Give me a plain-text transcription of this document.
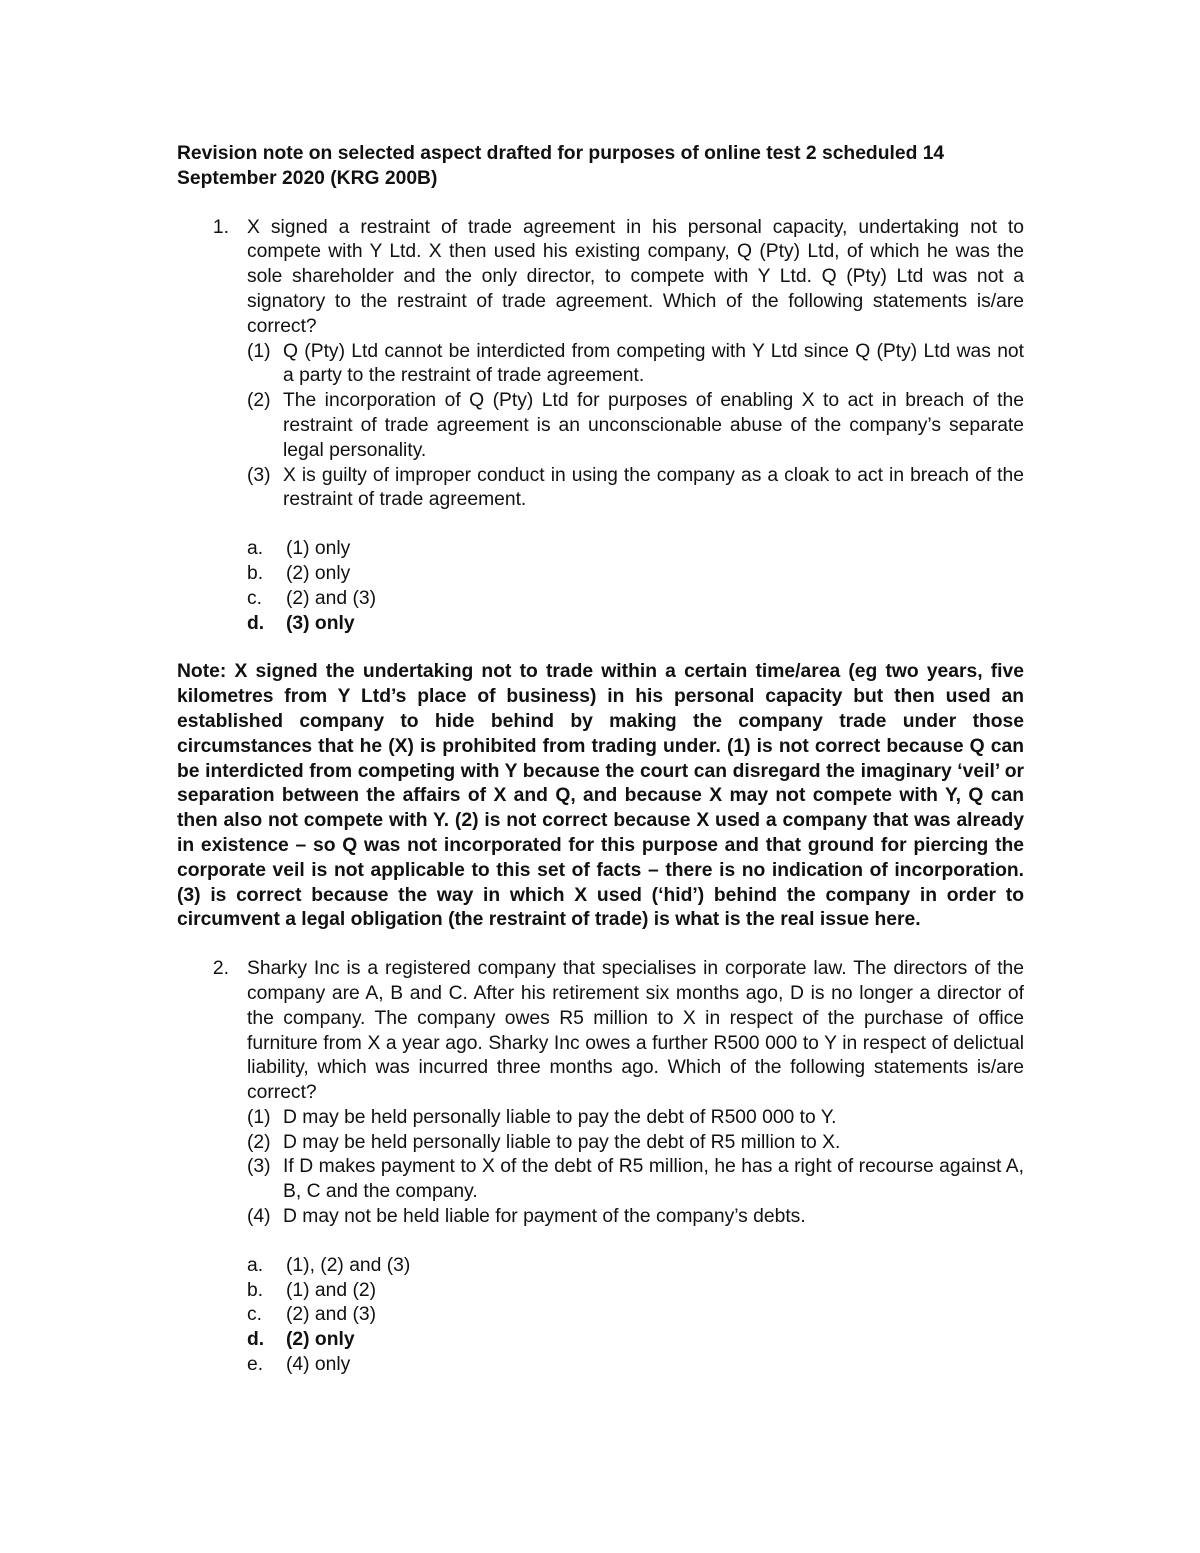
Revision note on selected aspect drafted for purposes of online test 2 scheduled 14 September 2020 (KRG 200B)

1. X signed a restraint of trade agreement in his personal capacity, undertaking not to compete with Y Ltd. X then used his existing company, Q (Pty) Ltd, of which he was the sole shareholder and the only director, to compete with Y Ltd. Q (Pty) Ltd was not a signatory to the restraint of trade agreement. Which of the following statements is/are correct?

(1) Q (Pty) Ltd cannot be interdicted from competing with Y Ltd since Q (Pty) Ltd was not a party to the restraint of trade agreement.
(2) The incorporation of Q (Pty) Ltd for purposes of enabling X to act in breach of the restraint of trade agreement is an unconscionable abuse of the company’s separate legal personality.
(3) X is guilty of improper conduct in using the company as a cloak to act in breach of the restraint of trade agreement.
a.	(1) only
b.	(2) only
c.	(2) and (3)
d.	(3) only

Note: X signed the undertaking not to trade within a certain time/area (eg two years, five kilometres from Y Ltd’s place of business) in his personal capacity but then used an established company to hide behind by making the company trade under those circumstances that he (X) is prohibited from trading under. (1) is not correct because Q can be interdicted from competing with Y because the court can disregard the imaginary ‘veil’ or separation between the affairs of X and Q, and because X may not compete with Y, Q can then also not compete with Y. (2) is not correct because X used a company that was already in existence – so Q was not incorporated for this purpose and that ground for piercing the corporate veil is not applicable to this set of facts – there is no indication of incorporation. (3) is correct because the way in which X used (‘hid’) behind the company in order to circumvent a legal obligation (the restraint of trade) is what is the real issue here.

2. Sharky Inc is a registered company that specialises in corporate law. The directors of the company are A, B and C. After his retirement six months ago, D is no longer a director of the company. The company owes R5 million to X in respect of the purchase of office furniture from X a year ago. Sharky Inc owes a further R500 000 to Y in respect of delictual liability, which was incurred three months ago. Which of the following statements is/are correct?

(1) D may be held personally liable to pay the debt of R500 000 to Y.
(2) D may be held personally liable to pay the debt of R5 million to X.
(3) If D makes payment to X of the debt of R5 million, he has a right of recourse against A, B, C and the company.
(4) D may not be held liable for payment of the company’s debts.
a.	(1), (2) and (3)
b.	(1) and (2)
c.	(2) and (3)
d.	(2) only
e.	(4) only
